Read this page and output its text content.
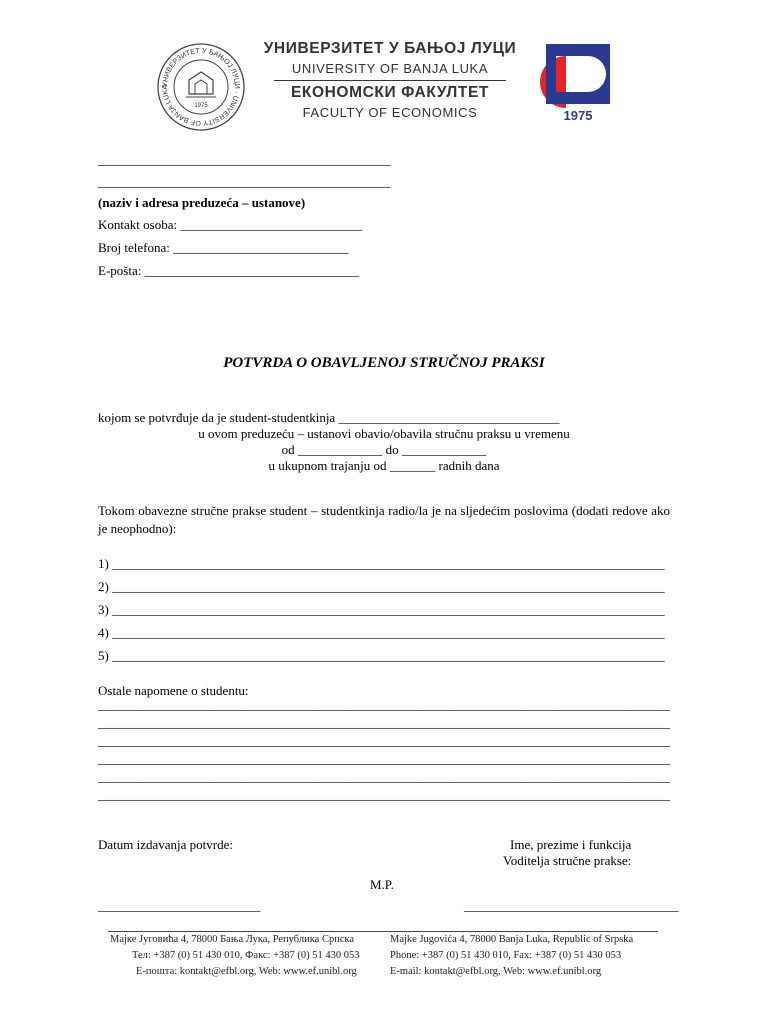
УНИВЕРЗИТЕТ У БАЊОЈ ЛУЦИ · UNIVERSITY OF BANJA LUKA
1975
УНИВЕРЗИТЕТ У БАЊОЈ ЛУЦИ
UNIVERSITY OF BANJA LUKA
ЕКОНОМСКИ ФАКУЛТЕТ
FACULTY OF ECONOMICS	1975
_____________________________________________
_____________________________________________
(naziv i adresa preduzeća – ustanove)
Kontakt osoba: ____________________________
Broj telefona: ___________________________
E-pošta: _________________________________
POTVRDA O OBAVLJENOJ STRUČNOJ PRAKSI
kojom se potvrđuje da je student-studentkinja __________________________________
u ovom preduzeću – ustanovi obavio/obavila stručnu praksu u vremenu
od _____________ do _____________
u ukupnom trajanju od _______ radnih dana
Tokom obavezne stručne prakse student – studentkinja radio/la je na sljedećim poslovima (dodati redove ako je neophodno):
1) _____________________________________________________________________________________
2) _____________________________________________________________________________________
3) _____________________________________________________________________________________
4) _____________________________________________________________________________________
5) _____________________________________________________________________________________
Ostale napomene o studentu:
________________________________________________________________________________________
________________________________________________________________________________________
________________________________________________________________________________________
________________________________________________________________________________________
________________________________________________________________________________________
________________________________________________________________________________________
Datum izdavanja potvrde:	Ime, prezime i funkcija
Voditelja stručne prakse:
M.P.
_________________________	_________________________________
Мајке Југовића 4, 78000 Бања Лука, Република Српска
Тел: +387 (0) 51 430 010, Факс: +387 (0) 51 430 053
Е-пошта: kontakt@efbl.org, Web: www.ef.unibl.org
Majke Jugovića 4, 78000 Banja Luka, Republic of Srpska
Phone: +387 (0) 51 430 010, Fax: +387 (0) 51 430 053
E-mail: kontakt@efbl.org, Web: www.ef.unibl.org
